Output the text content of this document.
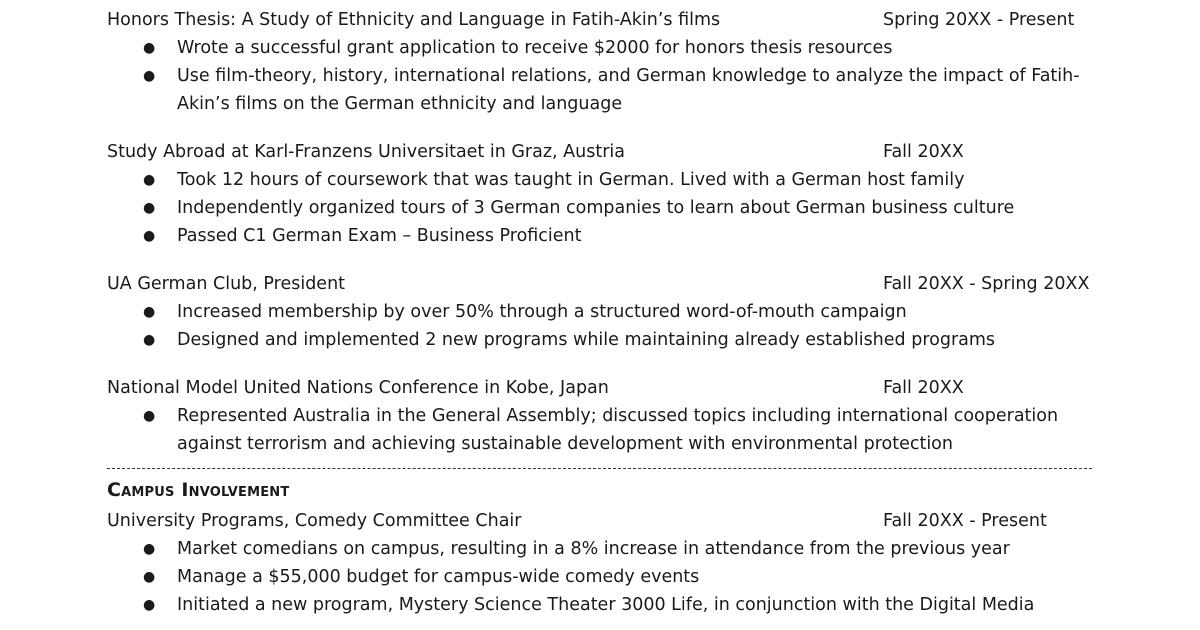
Honors Thesis: A Study of Ethnicity and Language in Fatih-Akin’s films	Spring 20XX - Present
● Wrote a successful grant application to receive $2000 for honors thesis resources
● Use film-theory, history, international relations, and German knowledge to analyze the impact of Fatih-Akin’s films on the German ethnicity and language
Study Abroad at Karl-Franzens Universitaet in Graz, Austria	Fall 20XX
● Took 12 hours of coursework that was taught in German. Lived with a German host family
● Independently organized tours of 3 German companies to learn about German business culture
● Passed C1 German Exam – Business Proficient
UA German Club, President	Fall 20XX - Spring 20XX
● Increased membership by over 50% through a structured word-of-mouth campaign
● Designed and implemented 2 new programs while maintaining already established programs
National Model United Nations Conference in Kobe, Japan	Fall 20XX
● Represented Australia in the General Assembly; discussed topics including international cooperation against terrorism and achieving sustainable development with environmental protection
Campus Involvement
University Programs, Comedy Committee Chair	Fall 20XX - Present
● Market comedians on campus, resulting in a 8% increase in attendance from the previous year
● Manage a $55,000 budget for campus-wide comedy events
● Initiated a new program, Mystery Science Theater 3000 Life, in conjunction with the Digital Media
